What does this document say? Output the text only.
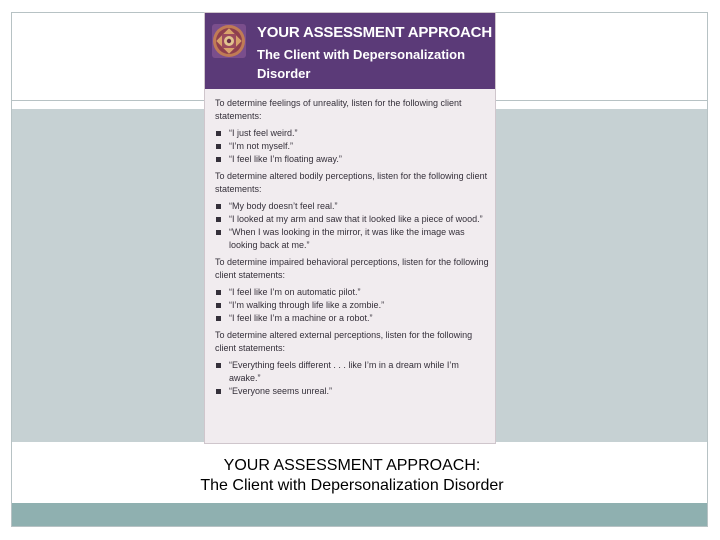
YOUR ASSESSMENT APPROACH
The Client with Depersonalization Disorder

To determine feelings of unreality, listen for the following client statements:

“I just feel weird.”
“I’m not myself.”
“I feel like I’m floating away.”

To determine altered bodily perceptions, listen for the following client statements:

“My body doesn’t feel real.”
“I looked at my arm and saw that it looked like a piece of wood.”
“When I was looking in the mirror, it was like the image was looking back at me.”

To determine impaired behavioral perceptions, listen for the following client statements:

“I feel like I’m on automatic pilot.”
“I’m walking through life like a zombie.”
“I feel like I’m a machine or a robot.”

To determine altered external perceptions, listen for the following client statements:

“Everything feels different . . . like I’m in a dream while I’m awake.”
“Everyone seems unreal.”
YOUR ASSESSMENT APPROACH:
The Client with Depersonalization Disorder
